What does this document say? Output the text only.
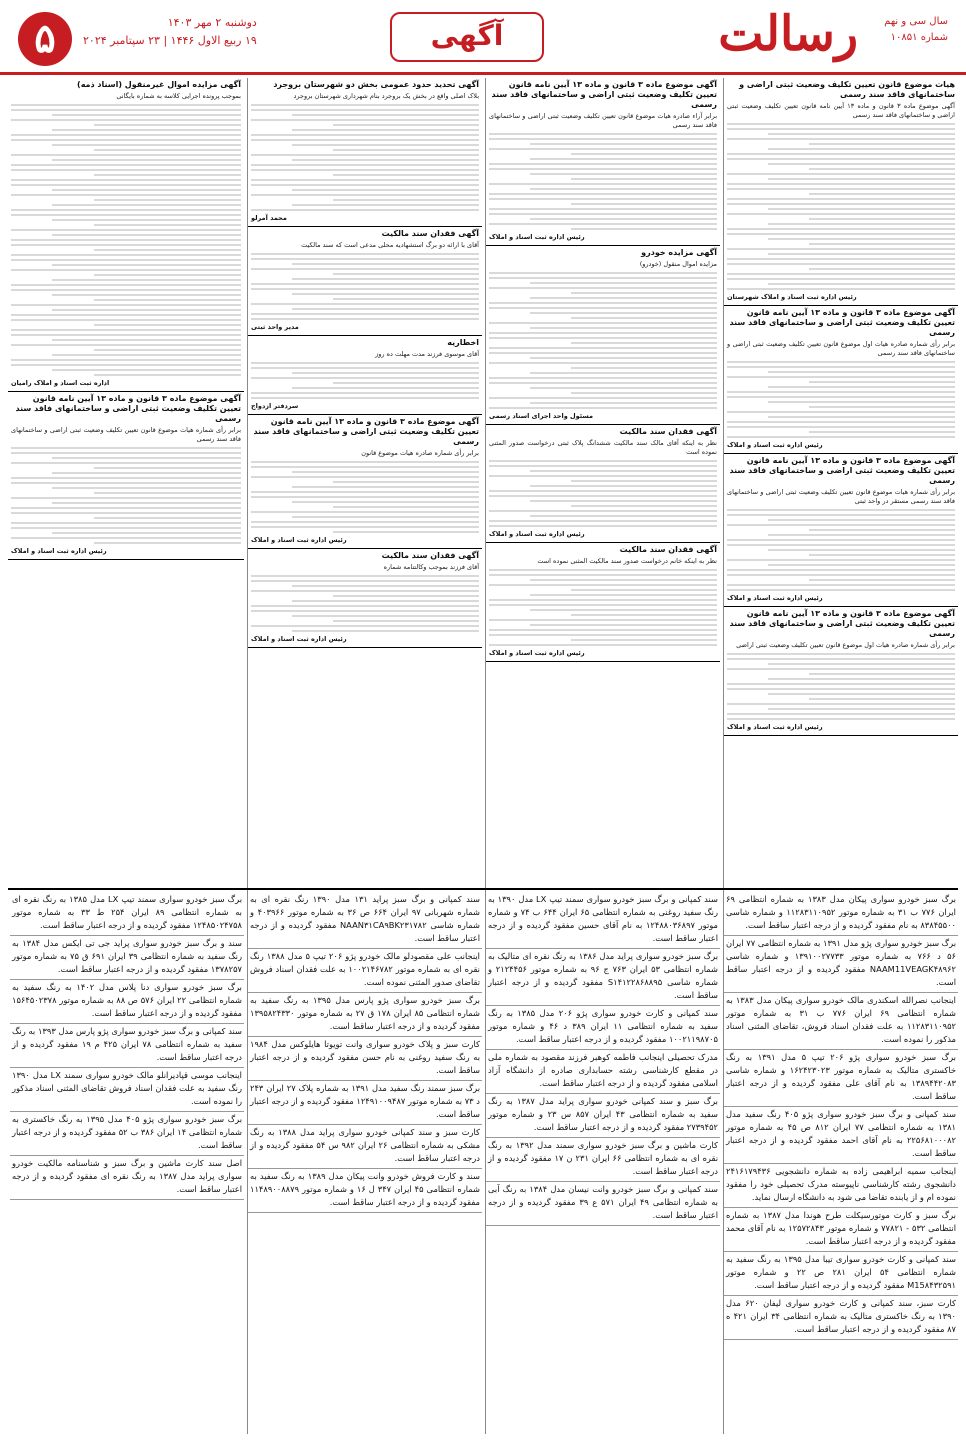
۵	دوشنبه ۲ مهر ۱۴۰۳
۱۹ ربیع الاول ۱۴۴۶ | ۲۳ سپتامبر ۲۰۲۴	آگهی	رسالت	سال سی و نهم
شماره ۱۰۸۵۱
هیات موضوع قانون تعیین تکلیف وضعیت ثبتی اراضی و ساختمانهای فاقد سند رسمی

آگهی موضوع ماده ۳ قانون و ماده ۱۳ آیین نامه قانون تعیین تکلیف وضعیت ثبتی اراضی و ساختمانهای فاقد سند رسمی

رئیس اداره ثبت اسناد و املاک شهرستان
آگهی موضوع ماده ۳ قانون و ماده ۱۳ آیین نامه قانون تعیین تکلیف وضعیت ثبتی اراضی و ساختمانهای فاقد سند رسمی

برابر رأی شماره صادره هیات اول موضوع قانون تعیین تکلیف وضعیت ثبتی اراضی و ساختمانهای فاقد سند رسمی

رئیس اداره ثبت اسناد و املاک
آگهی موضوع ماده ۳ قانون و ماده ۱۳ آیین نامه قانون تعیین تکلیف وضعیت ثبتی اراضی و ساختمانهای فاقد سند رسمی

برابر رأی شماره هیات موضوع قانون تعیین تکلیف وضعیت ثبتی اراضی و ساختمانهای فاقد سند رسمی مستقر در واحد ثبتی

رئیس اداره ثبت اسناد و املاک
آگهی موضوع ماده ۳ قانون و ماده ۱۳ آیین نامه قانون تعیین تکلیف وضعیت ثبتی اراضی و ساختمانهای فاقد سند رسمی

برابر رأی شماره صادره هیات اول موضوع قانون تعیین تکلیف وضعیت ثبتی اراضی

رئیس اداره ثبت اسناد و املاک
آگهی موضوع ماده ۳ قانون و ماده ۱۳ آیین نامه قانون تعیین تکلیف وضعیت ثبتی اراضی و ساختمانهای فاقد سند رسمی

برابر آراء صادره هیات موضوع قانون تعیین تکلیف وضعیت ثبتی اراضی و ساختمانهای فاقد سند رسمی

رئیس اداره ثبت اسناد و املاک
آگهی مزایده خودرو

مزایده اموال منقول (خودرو)

مسئول واحد اجرای اسناد رسمی
آگهی فقدان سند مالکیت

نظر به اینکه آقای مالک سند مالکیت ششدانگ پلاک ثبتی درخواست صدور المثنی نموده است

رئیس اداره ثبت اسناد و املاک
آگهی فقدان سند مالکیت

نظر به اینکه خانم درخواست صدور سند مالکیت المثنی نموده است

رئیس اداره ثبت اسناد و املاک
آگهی تحدید حدود عمومی بخش دو شهرستان بروجرد

بلاک اصلی واقع در بخش یک بروجرد بنام شهرداری شهرستان بروجرد

محمد آمرلو
آگهی فقدان سند مالکیت

آقای با ارائه دو برگ استشهادیه محلی مدعی است که سند مالکیت

مدیر واحد ثبتی
اخطاریه

آقای موسوی فرزند مدت مهلت ده روز

سردفتر ازدواج
آگهی موضوع ماده ۳ قانون و ماده ۱۳ آیین نامه قانون تعیین تکلیف وضعیت ثبتی اراضی و ساختمانهای فاقد سند رسمی

برابر رأی شماره صادره هیات موضوع قانون

رئیس اداره ثبت اسناد و املاک
آگهی فقدان سند مالکیت

آقای فرزند بموجب وکالتنامه شماره

رئیس اداره ثبت اسناد و املاک
آگهی مزایده اموال غیرمنقول (اسناد ذمه)

بموجب پرونده اجرایی کلاسه به شماره بایگانی

اداره ثبت اسناد و املاک رامیان
آگهی موضوع ماده ۳ قانون و ماده ۱۳ آیین نامه قانون تعیین تکلیف وضعیت ثبتی اراضی و ساختمانهای فاقد سند رسمی

برابر رأی شماره هیات موضوع قانون تعیین تکلیف وضعیت ثبتی اراضی و ساختمانهای فاقد سند رسمی

رئیس اداره ثبت اسناد و املاک
برگ سبز خودرو سواری پیکان مدل ۱۳۸۳ به شماره انتظامی ۶۹ ایران ۷۷۶ ب ۳۱ به شماره موتور ۱۱۲۸۳۱۱۰۹۵۲ و شماره شاسی ۸۳۸۴۵۵۰۰ به نام مفقود گردیده و از درجه اعتبار ساقط است.
برگ سبز خودرو سواری پژو مدل ۱۳۹۱ به شماره انتظامی ۷۷ ایران ۵۶ د ۷۶۶ به شماره موتور ۱۳۹۱۰۰۲۷۷۳۳ و شماره شاسی NAAM11VEAGK۴۸۹۶۲ مفقود گردیده و از درجه اعتبار ساقط است.
اینجانب نصرالله اسکندری مالک خودرو سواری پیکان مدل ۱۳۸۳ به شماره انتظامی ۶۹ ایران ۷۷۶ ب ۳۱ به شماره موتور ۱۱۲۸۳۱۱۰۹۵۲ به علت فقدان اسناد فروش، تقاضای المثنی اسناد مذکور را نموده است.
برگ سبز خودرو سواری پژو ۲۰۶ تیپ ۵ مدل ۱۳۹۱ به رنگ خاکستری متالیک به شماره موتور ۱۶۲۴۲۳۰۲۳ و شماره شاسی ۱۳۸۹۴۴۲۰۸۳ به نام آقای علی مفقود گردیده و از درجه اعتبار ساقط است.
سند کمپانی و برگ سبز خودرو سواری پژو ۴۰۵ رنگ سفید مدل ۱۳۸۱ به شماره انتظامی ۷۷ ایران ۸۱۲ ص ۴۵ به شماره موتور ۲۲۵۶۸۱۰۰۰۸۲ به نام آقای احمد مفقود گردیده و از درجه اعتبار ساقط است.
اینجانب سمیه ابراهیمی زاده به شماره دانشجویی ۲۴۱۶۱۷۹۴۳۶ دانشجوی رشته کارشناسی ناپیوسته مدرک تحصیلی خود را مفقود نموده ام و از یابنده تقاضا می شود به دانشگاه ارسال نماید.
برگ سبز و کارت موتورسیکلت طرح هوندا مدل ۱۳۸۷ به شماره انتظامی ۵۳۲ - ۷۷۸۲۱ و شماره موتور ۱۲۵۷۲۸۴۳ به نام آقای محمد مفقود گردیده و از درجه اعتبار ساقط است.
سند کمپانی و کارت خودرو سواری تیبا مدل ۱۳۹۵ به رنگ سفید به شماره انتظامی ۵۴ ایران ۲۸۱ ص ۲۲ و شماره موتور M15۸۴۳۲۵۹۱ مفقود گردیده و از درجه اعتبار ساقط است.
کارت سبز، سند کمپانی و کارت خودرو سواری لیفان ۶۲۰ مدل ۱۳۹۰ به رنگ خاکستری متالیک به شماره انتظامی ۳۴ ایران ۴۲۱ ه ۸۷ مفقود گردیده و از درجه اعتبار ساقط است.
سند کمپانی و برگ سبز خودرو سواری سمند تیپ LX مدل ۱۳۹۰ به رنگ سفید روغنی به شماره انتظامی ۶۵ ایران ۶۴۴ ب ۷۴ و شماره موتور ۱۲۴۸۸۰۳۶۸۹۷ به نام آقای حسین مفقود گردیده و از درجه اعتبار ساقط است.
برگ سبز خودرو سواری پراید مدل ۱۳۸۶ به رنگ نقره ای متالیک به شماره انتظامی ۵۳ ایران ۷۶۳ ج ۹۶ به شماره موتور ۲۱۲۴۴۵۶ و شماره شاسی S۱۴۱۲۲۸۶۸۸۹۵ مفقود گردیده و از درجه اعتبار ساقط است.
سند کمپانی و کارت خودرو سواری پژو ۲۰۶ مدل ۱۳۸۵ به رنگ سفید به شماره انتظامی ۱۱ ایران ۳۸۹ د ۴۶ و شماره موتور ۱۰۰۲۱۱۹۸۷۰۵ مفقود گردیده و از درجه اعتبار ساقط است.
مدرک تحصیلی اینجانب فاطمه کوهبر فرزند مقصود به شماره ملی در مقطع کارشناسی رشته حسابداری صادره از دانشگاه آزاد اسلامی مفقود گردیده و از درجه اعتبار ساقط است.
برگ سبز و سند کمپانی خودرو سواری پراید مدل ۱۳۸۷ به رنگ سفید به شماره انتظامی ۴۳ ایران ۸۵۷ س ۲۳ و شماره موتور ۲۷۳۹۴۵۲ مفقود گردیده و از درجه اعتبار ساقط است.
کارت ماشین و برگ سبز خودرو سواری سمند مدل ۱۳۹۲ به رنگ نقره ای به شماره انتظامی ۶۶ ایران ۲۳۱ ن ۱۷ مفقود گردیده و از درجه اعتبار ساقط است.
سند کمپانی و برگ سبز خودرو وانت نیسان مدل ۱۳۸۴ به رنگ آبی به شماره انتظامی ۴۹ ایران ۵۷۱ ع ۳۹ مفقود گردیده و از درجه اعتبار ساقط است.
سند کمپانی و برگ سبز پراید ۱۳۱ مدل ۱۳۹۰ رنگ نقره ای به شماره شهربانی ۹۷ ایران ۶۶۴ ص ۳۶ به شماره موتور ۴۰۳۹۶۶ و شماره شاسی NAAN۳۱CA۹BK۲۳۱۷۸۲ مفقود گردیده و از درجه اعتبار ساقط است.
اینجانب علی مقصودلو مالک خودرو پژو ۲۰۶ تیپ ۵ مدل ۱۳۸۸ رنگ نقره ای به شماره موتور ۱۰۰۲۱۴۶۷۸۲ به علت فقدان اسناد فروش تقاضای صدور المثنی نموده است.
برگ سبز خودرو سواری پژو پارس مدل ۱۳۹۵ به رنگ سفید به شماره انتظامی ۸۵ ایران ۱۷۸ ق ۲۷ به شماره موتور ۱۳۹۵۸۲۴۳۳۰ مفقود گردیده و از درجه اعتبار ساقط است.
کارت سبز و پلاک خودرو سواری وانت تویوتا هایلوکس مدل ۱۹۸۴ به رنگ سفید روغنی به نام حسن مفقود گردیده و از درجه اعتبار ساقط است.
برگ سبز سمند رنگ سفید مدل ۱۳۹۱ به شماره پلاک ۲۷ ایران ۲۴۳ د ۷۳ به شماره موتور ۱۲۴۹۱۰۰۹۴۸۷ مفقود گردیده و از درجه اعتبار ساقط است.
کارت سبز و سند کمپانی خودرو سواری پراید مدل ۱۳۸۸ به رنگ مشکی به شماره انتظامی ۲۶ ایران ۹۸۲ س ۵۴ مفقود گردیده و از درجه اعتبار ساقط است.
سند و کارت فروش خودرو وانت پیکان مدل ۱۳۸۹ به رنگ سفید به شماره انتظامی ۴۵ ایران ۳۴۷ ل ۱۶ و شماره موتور ۱۱۴۸۹۰۰۸۸۷۹ مفقود گردیده و از درجه اعتبار ساقط است.
برگ سبز خودرو سواری سمند تیپ LX مدل ۱۳۸۵ به رنگ نقره ای به شماره انتظامی ۸۹ ایران ۲۵۴ ط ۳۳ به شماره موتور ۱۲۴۸۵۰۲۴۷۵۸ مفقود گردیده و از درجه اعتبار ساقط است.
سند و برگ سبز خودرو سواری پراید جی تی ایکس مدل ۱۳۸۴ به رنگ سفید به شماره انتظامی ۳۹ ایران ۶۹۱ ق ۷۵ به شماره موتور ۱۳۷۸۲۵۷ مفقود گردیده و از درجه اعتبار ساقط است.
برگ سبز خودرو سواری دنا پلاس مدل ۱۴۰۲ به رنگ سفید به شماره انتظامی ۲۲ ایران ۵۷۶ ص ۸۸ به شماره موتور ۱۵۶۴۵۰۲۳۷۸ مفقود گردیده و از درجه اعتبار ساقط است.
سند کمپانی و برگ سبز خودرو سواری پژو پارس مدل ۱۳۹۳ به رنگ سفید به شماره انتظامی ۷۸ ایران ۴۲۵ م ۱۹ مفقود گردیده و از درجه اعتبار ساقط است.
اینجانب موسی قپادیرانلو مالک خودرو سواری سمند LX مدل ۱۳۹۰ رنگ سفید به علت فقدان اسناد فروش تقاضای المثنی اسناد مذکور را نموده است.
برگ سبز خودرو سواری پژو ۴۰۵ مدل ۱۳۹۵ به رنگ خاکستری به شماره انتظامی ۱۴ ایران ۳۸۶ ب ۵۲ مفقود گردیده و از درجه اعتبار ساقط است.
اصل سند کارت ماشین و برگ سبز و شناسنامه مالکیت خودرو سواری پراید مدل ۱۳۸۷ به رنگ نقره ای مفقود گردیده و از درجه اعتبار ساقط است.
